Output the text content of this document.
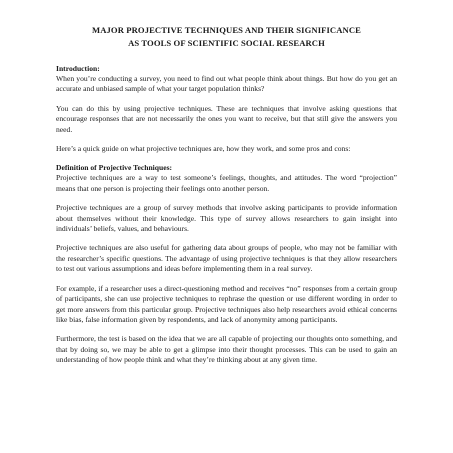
MAJOR PROJECTIVE TECHNIQUES AND THEIR SIGNIFICANCE
AS TOOLS OF SCIENTIFIC SOCIAL RESEARCH
Introduction:

When you’re conducting a survey, you need to find out what people think about things. But how do you get an accurate and unbiased sample of what your target population thinks?

You can do this by using projective techniques. These are techniques that involve asking questions that encourage responses that are not necessarily the ones you want to receive, but that still give the answers you need.

Here’s a quick guide on what projective techniques are, how they work, and some pros and cons:

Definition of Projective Techniques:

Projective techniques are a way to test someone’s feelings, thoughts, and attitudes. The word “projection” means that one person is projecting their feelings onto another person.

Projective techniques are a group of survey methods that involve asking participants to provide information about themselves without their knowledge. This type of survey allows researchers to gain insight into individuals’ beliefs, values, and behaviours.

Projective techniques are also useful for gathering data about groups of people, who may not be familiar with the researcher’s specific questions. The advantage of using projective techniques is that they allow researchers to test out various assumptions and ideas before implementing them in a real survey.

For example, if a researcher uses a direct-questioning method and receives “no” responses from a certain group of participants, she can use projective techniques to rephrase the question or use different wording in order to get more answers from this particular group. Projective techniques also help researchers avoid ethical concerns like bias, false information given by respondents, and lack of anonymity among participants.

Furthermore, the test is based on the idea that we are all capable of projecting our thoughts onto something, and that by doing so, we may be able to get a glimpse into their thought processes. This can be used to gain an understanding of how people think and what they’re thinking about at any given time.
